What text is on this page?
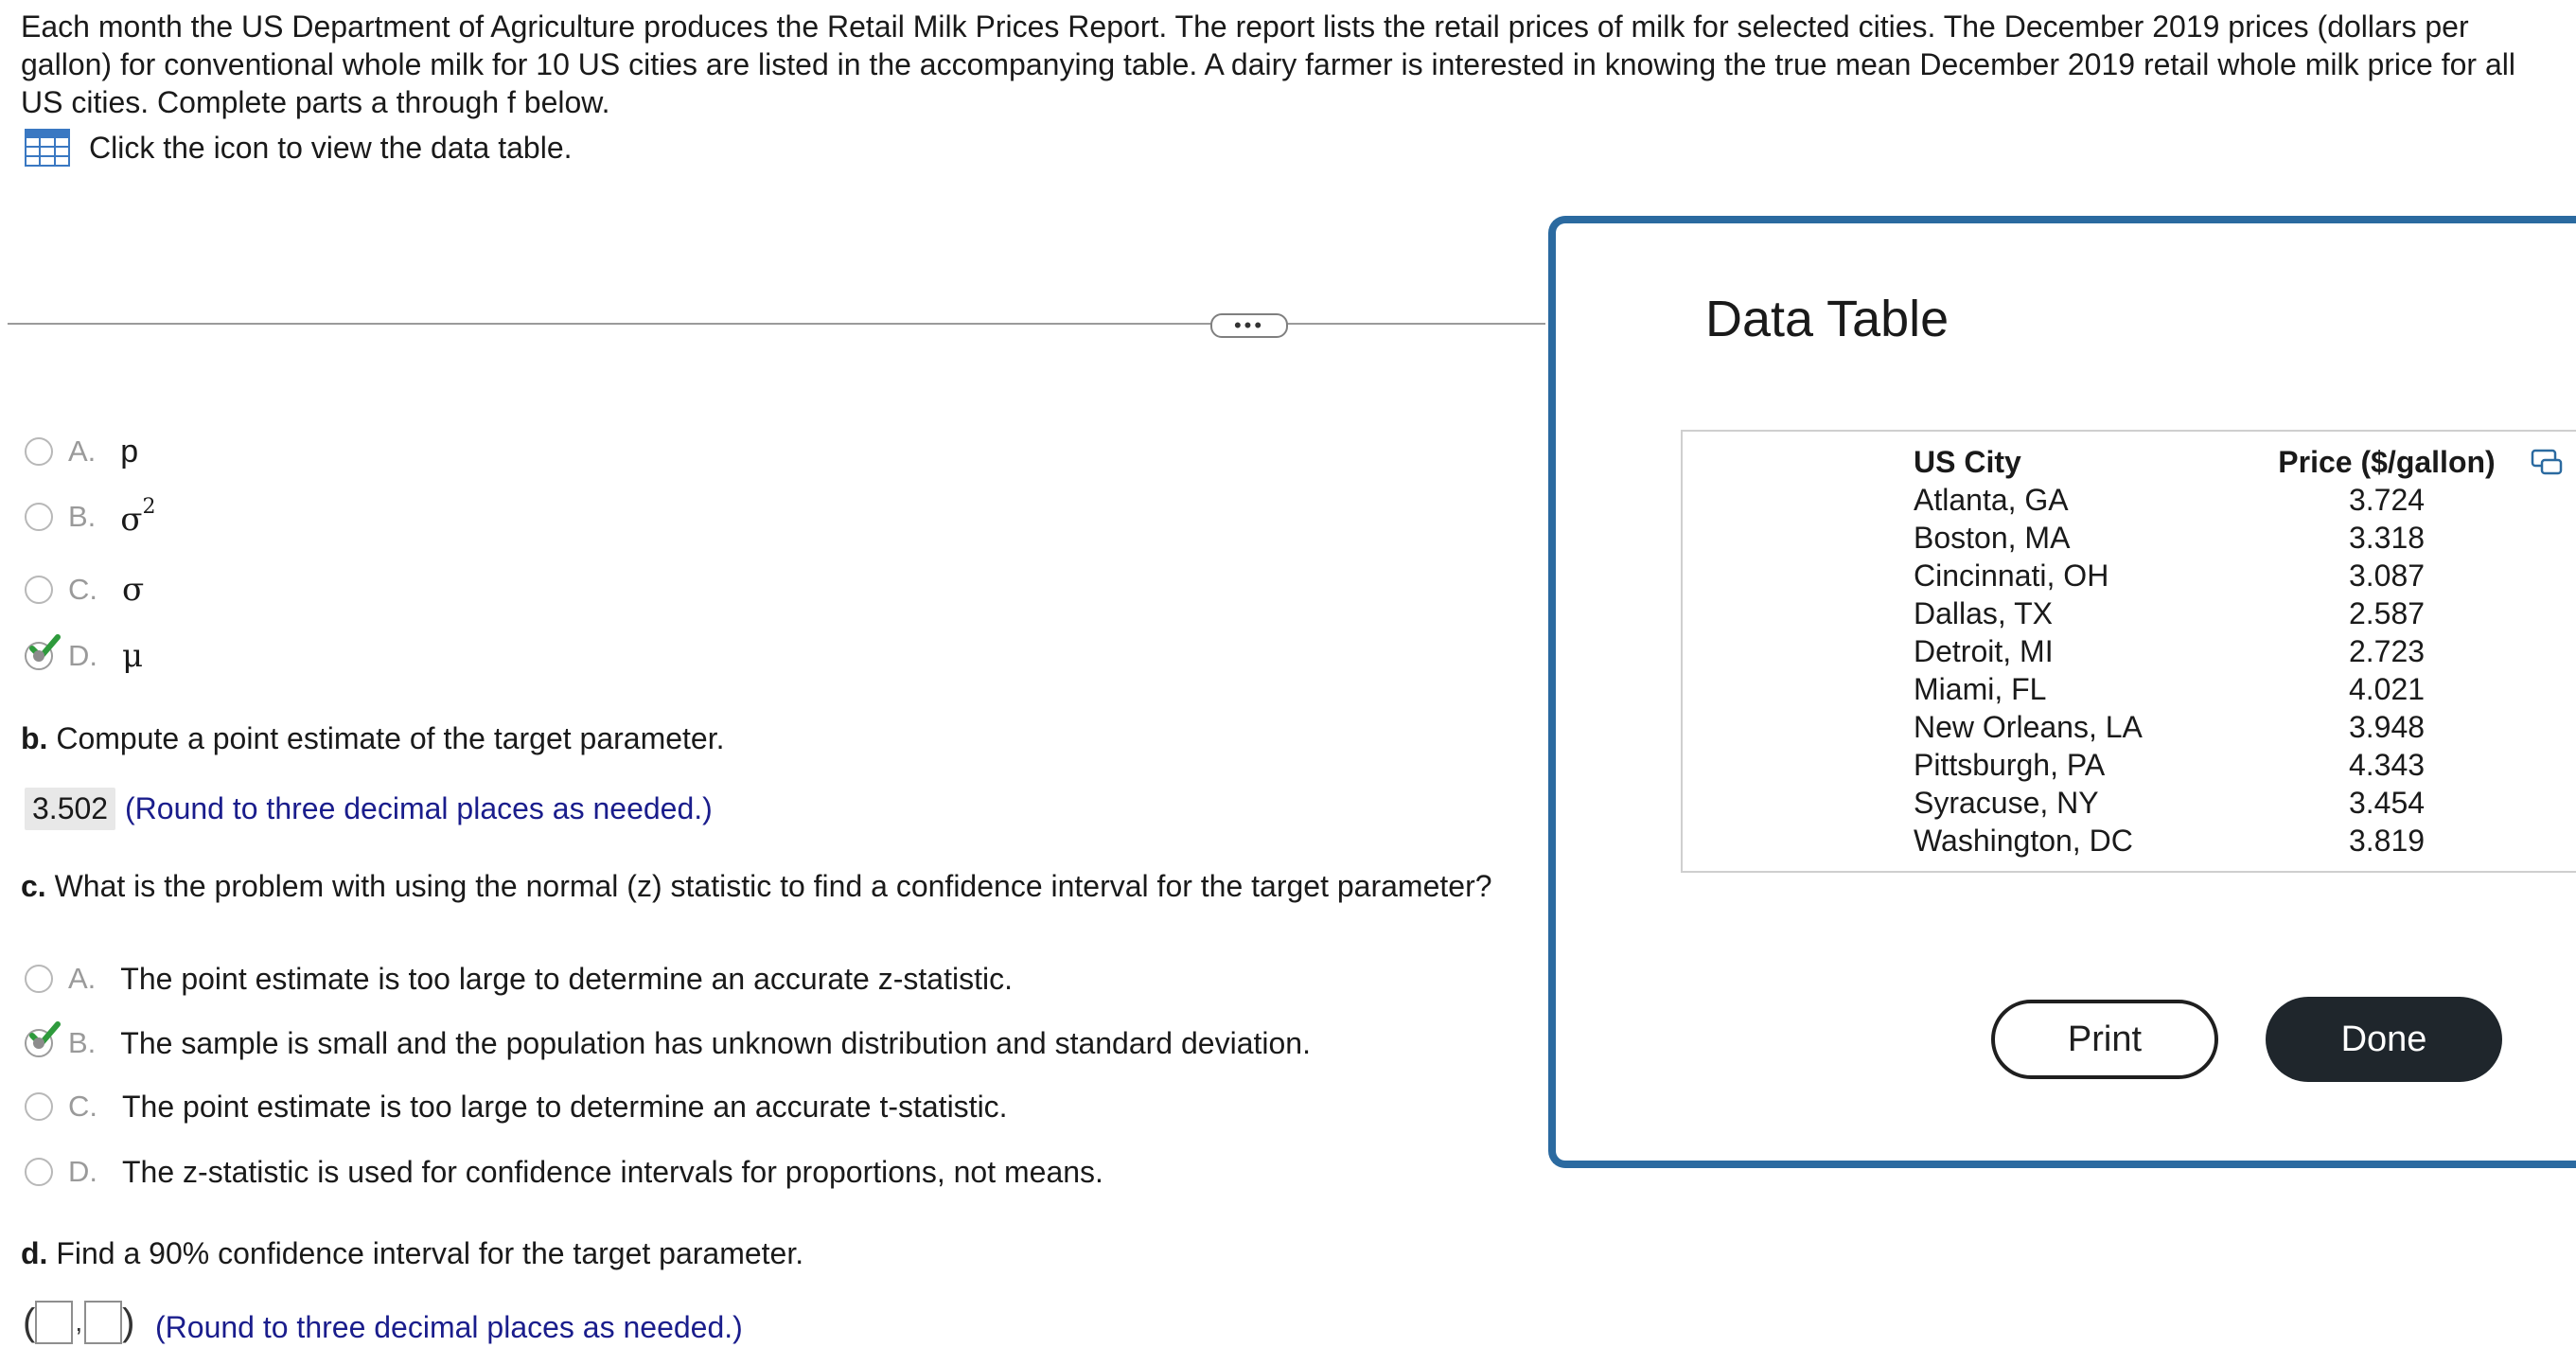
Each month the US Department of Agriculture produces the Retail Milk Prices Report. The report lists the retail prices of milk for selected cities. The December 2019 prices (dollars per gallon) for conventional whole milk for 10 US cities are listed in the accompanying table. A dairy farmer is interested in knowing the true mean December 2019 retail whole milk price for all US cities. Complete parts a through f below.

Click the icon to view the data table.
•••
A. p
B. $\sigma^2$
C. σ
D. μ
b. Compute a point estimate of the target parameter.
3.502 (Round to three decimal places as needed.)
c. What is the problem with using the normal (z) statistic to find a confidence interval for the target parameter?
A. The point estimate is too large to determine an accurate z-statistic.
B. The sample is small and the population has unknown distribution and standard deviation.
C. The point estimate is too large to determine an accurate t-statistic.
D. The z-statistic is used for confidence intervals for proportions, not means.
d. Find a 90% confidence interval for the target parameter.
( , ) (Round to three decimal places as needed.)
Data Table
US City	Price ($/gallon)
Atlanta, GA	3.724
Boston, MA	3.318
Cincinnati, OH	3.087
Dallas, TX	2.587
Detroit, MI	2.723
Miami, FL	4.021
New Orleans, LA	3.948
Pittsburgh, PA	4.343
Syracuse, NY	3.454
Washington, DC	3.819
Print	Done
